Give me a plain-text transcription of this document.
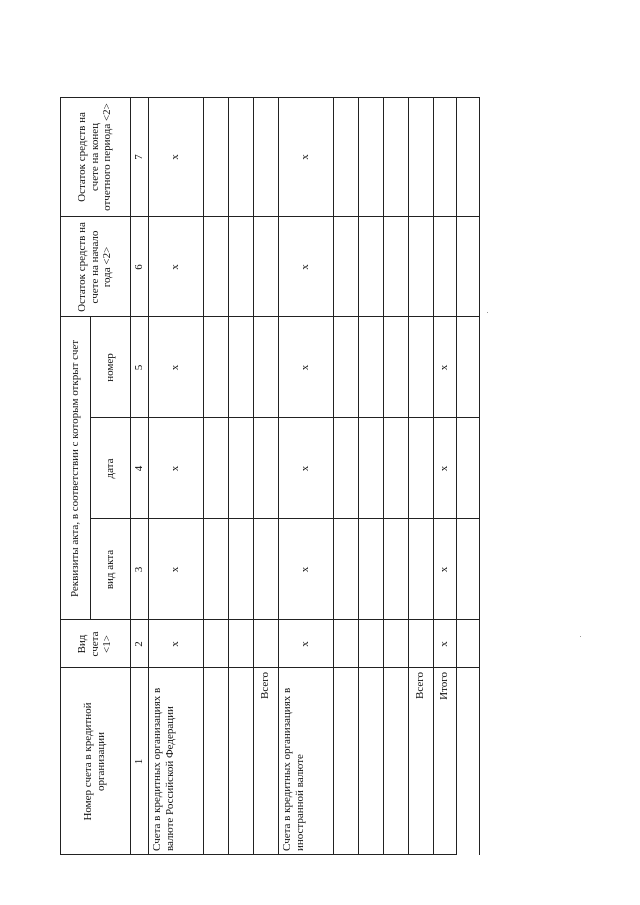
Номер счета в кредитной организации
Вид счета <1>
Реквизиты акта, в соответствии с которым открыт счет	вид акта
дата
номер
Остаток средств на счете на начало года <2>
Остаток средств на счете на конец отчетного периода <2>
1
2
3
4
5
6
7
Счета в кредитных организациях в валюте Российской Федерации
x
x
x
x
x
x
Всего
Счета в кредитных организациях в иностранной валюте
x
x
x
x
x
x
Всего	Итого
x
x
x
x
